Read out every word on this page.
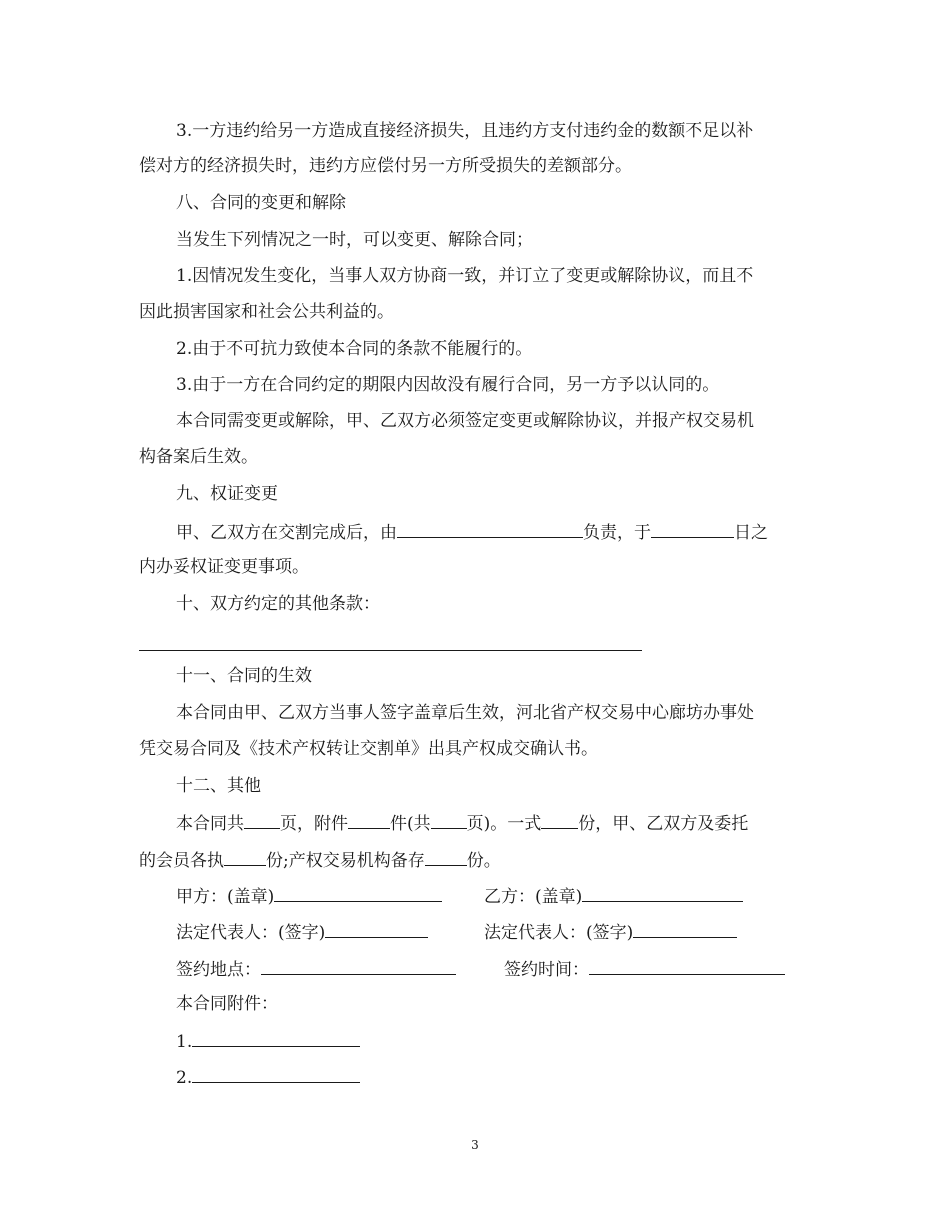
3.一方违约给另一方造成直接经济损失，且违约方支付违约金的数额不足以补
偿对方的经济损失时，违约方应偿付另一方所受损失的差额部分。
八、合同的变更和解除
当发生下列情况之一时，可以变更、解除合同；
1.因情况发生变化，当事人双方协商一致，并订立了变更或解除协议，而且不
因此损害国家和社会公共利益的。
2.由于不可抗力致使本合同的条款不能履行的。
3.由于一方在合同约定的期限内因故没有履行合同，另一方予以认同的。
本合同需变更或解除，甲、乙双方必须签定变更或解除协议，并报产权交易机
构备案后生效。
九、权证变更
甲、乙双方在交割完成后，由	负责，于	日之
内办妥权证变更事项。
十、双方约定的其他条款：
十一、合同的生效
本合同由甲、乙双方当事人签字盖章后生效，河北省产权交易中心廊坊办事处
凭交易合同及《技术产权转让交割单》出具产权成交确认书。
十二、其他
本合同共 页，附件 件(共 页)。一式 份，甲、乙双方及委托
的会员各执 份;产权交易机构备存 份。
甲方：(盖章)	乙方：(盖章)
法定代表人：(签字)	法定代表人：(签字)
签约地点：	签约时间：
本合同附件：
1.
2.
3
